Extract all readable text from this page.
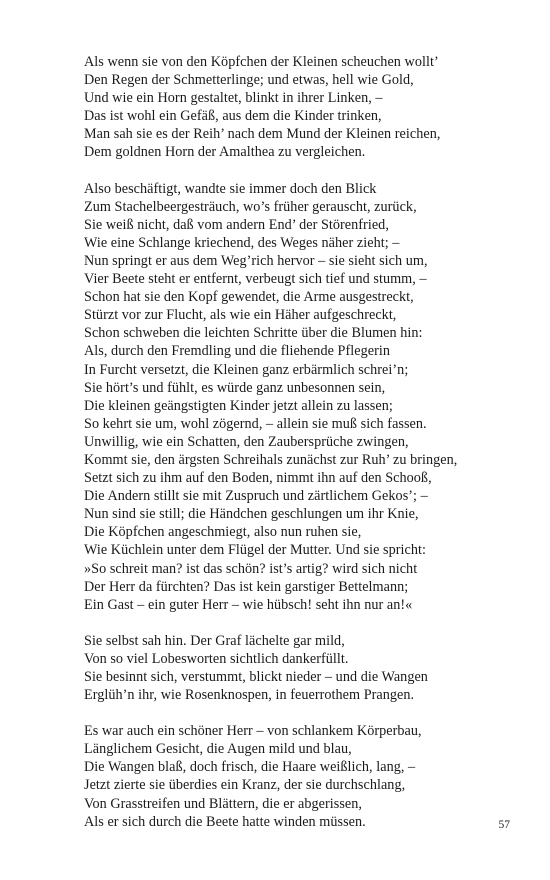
Als wenn sie von den Köpfchen der Kleinen scheuchen wollt’
Den Regen der Schmetterlinge; und etwas, hell wie Gold,
Und wie ein Horn gestaltet, blinkt in ihrer Linken, –
Das ist wohl ein Gefäß, aus dem die Kinder trinken,
Man sah sie es der Reih’ nach dem Mund der Kleinen reichen,
Dem goldnen Horn der Amalthea zu vergleichen.

Also beschäftigt, wandte sie immer doch den Blick
Zum Stachelbeergesträuch, wo’s früher gerauscht, zurück,
Sie weiß nicht, daß vom andern End’ der Störenfried,
Wie eine Schlange kriechend, des Weges näher zieht; –
Nun springt er aus dem Weg’rich hervor – sie sieht sich um,
Vier Beete steht er entfernt, verbeugt sich tief und stumm, –
Schon hat sie den Kopf gewendet, die Arme ausgestreckt,
Stürzt vor zur Flucht, als wie ein Häher aufgeschreckt,
Schon schweben die leichten Schritte über die Blumen hin:
Als, durch den Fremdling und die fliehende Pflegerin
In Furcht versetzt, die Kleinen ganz erbärmlich schrei’n;
Sie hört’s und fühlt, es würde ganz unbesonnen sein,
Die kleinen geängstigten Kinder jetzt allein zu lassen;
So kehrt sie um, wohl zögernd, – allein sie muß sich fassen.
Unwillig, wie ein Schatten, den Zaubersprüche zwingen,
Kommt sie, den ärgsten Schreihals zunächst zur Ruh’ zu bringen,
Setzt sich zu ihm auf den Boden, nimmt ihn auf den Schooß,
Die Andern stillt sie mit Zuspruch und zärtlichem Gekos’; –
Nun sind sie still; die Händchen geschlungen um ihr Knie,
Die Köpfchen angeschmiegt, also nun ruhen sie,
Wie Küchlein unter dem Flügel der Mutter. Und sie spricht:
»So schreit man? ist das schön? ist’s artig? wird sich nicht
Der Herr da fürchten? Das ist kein garstiger Bettelmann;
Ein Gast – ein guter Herr – wie hübsch! seht ihn nur an!«

Sie selbst sah hin. Der Graf lächelte gar mild,
Von so viel Lobesworten sichtlich dankerfüllt.
Sie besinnt sich, verstummt, blickt nieder – und die Wangen
Erglüh’n ihr, wie Rosenknospen, in feuerrothem Prangen.

Es war auch ein schöner Herr – von schlankem Körperbau,
Länglichem Gesicht, die Augen mild und blau,
Die Wangen blaß, doch frisch, die Haare weißlich, lang, –
Jetzt zierte sie überdies ein Kranz, der sie durchschlang,
Von Grasstreifen und Blättern, die er abgerissen,
Als er sich durch die Beete hatte winden müssen.	57
